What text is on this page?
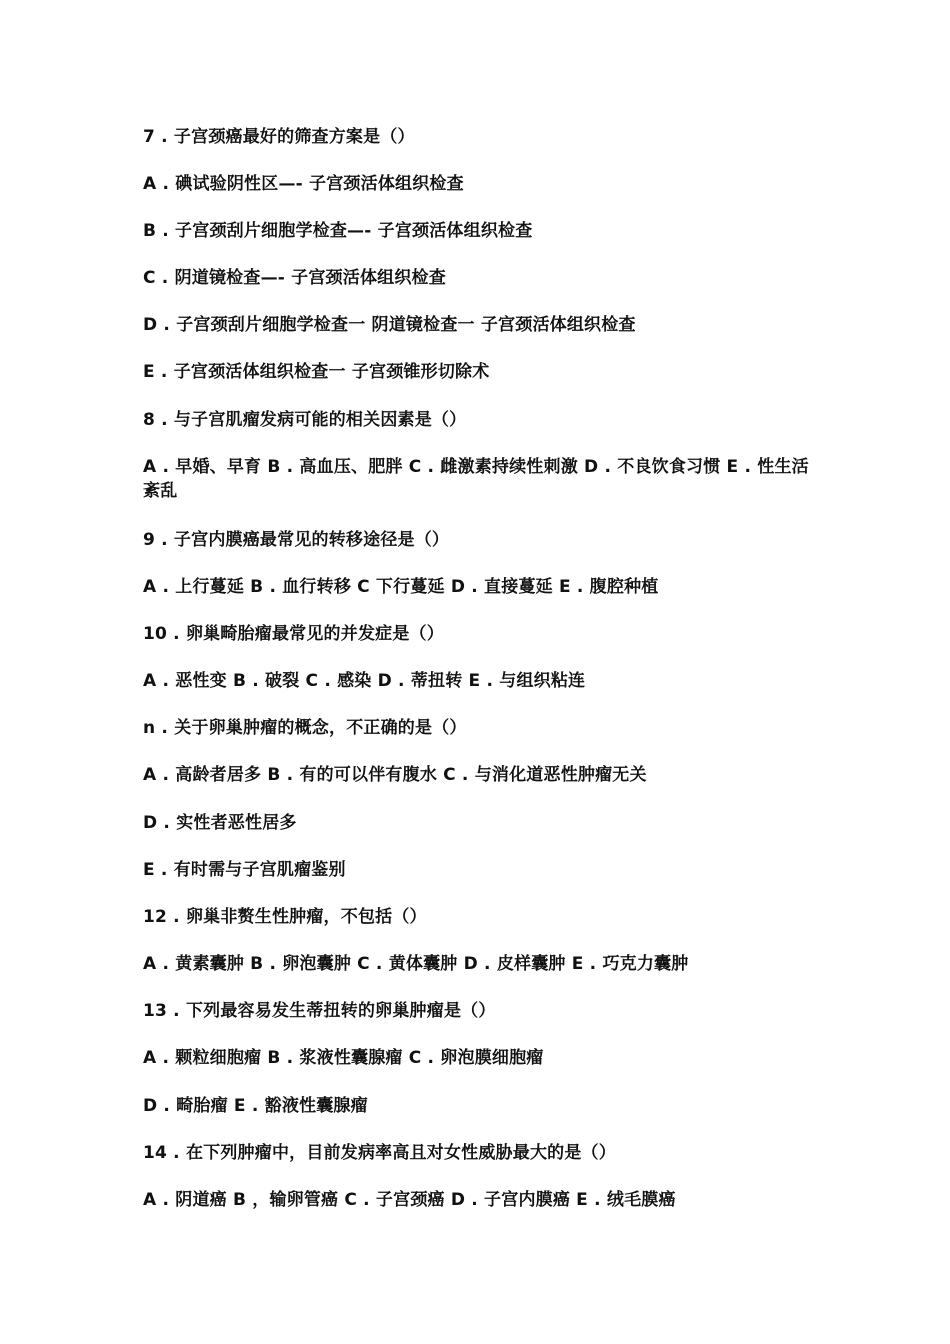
7 . 子宫颈癌最好的筛查方案是（）
A . 碘试验阴性区—- 子宫颈活体组织检查
B . 子宫颈刮片细胞学检查—- 子宫颈活体组织检查
C . 阴道镜检查—- 子宫颈活体组织检查
D . 子宫颈刮片细胞学检查一 阴道镜检查一 子宫颈活体组织检查
E . 子宫颈活体组织检查一 子宫颈锥形切除术
8 . 与子宫肌瘤发病可能的相关因素是（）
A . 早婚、早育 B . 高血压、肥胖 C . 雌激素持续性刺激 D . 不良饮食习惯 E . 性生活紊乱
9 . 子宫内膜癌最常见的转移途径是（）
A . 上行蔓延 B . 血行转移 C 下行蔓延 D . 直接蔓延 E . 腹腔种植
10 . 卵巢畸胎瘤最常见的并发症是（）
A . 恶性变 B . 破裂 C . 感染 D . 蒂扭转 E . 与组织粘连
n . 关于卵巢肿瘤的概念，不正确的是（）
A . 高龄者居多 B . 有的可以伴有腹水 C . 与消化道恶性肿瘤无关
D . 实性者恶性居多
E . 有时需与子宫肌瘤鉴别
12 . 卵巢非赘生性肿瘤，不包括（）
A . 黄素囊肿 B . 卵泡囊肿 C . 黄体囊肿 D . 皮样囊肿 E . 巧克力囊肿
13 . 下列最容易发生蒂扭转的卵巢肿瘤是（）
A . 颗粒细胞瘤 B . 浆液性囊腺瘤 C . 卵泡膜细胞瘤
D . 畸胎瘤 E . 豁液性囊腺瘤
14 . 在下列肿瘤中，目前发病率高且对女性威胁最大的是（）
A . 阴道癌 B ，输卵管癌 C . 子宫颈癌 D . 子宫内膜癌 E . 绒毛膜癌
